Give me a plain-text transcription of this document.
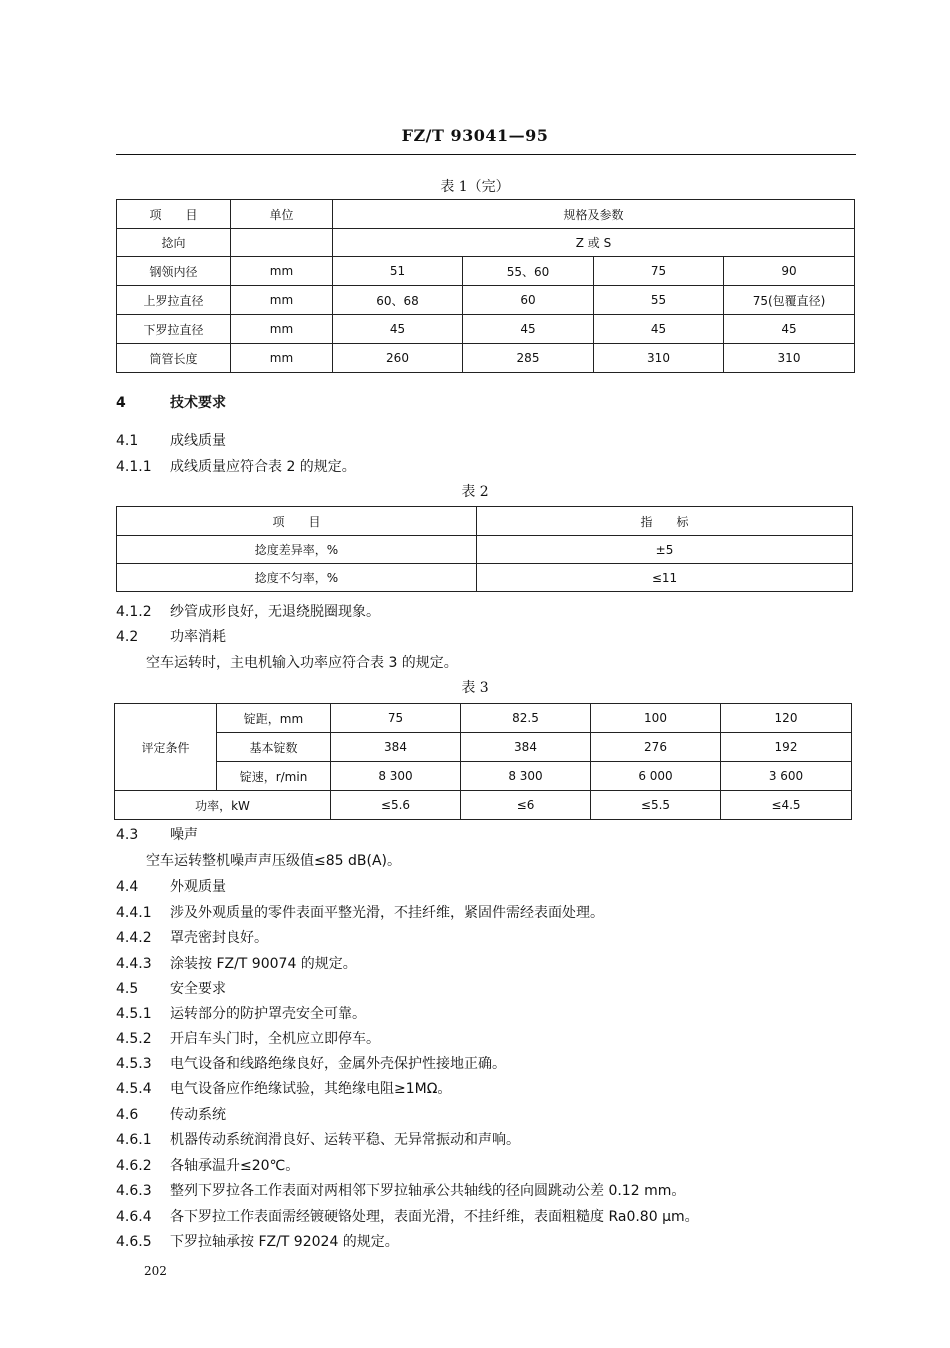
FZ/T 93041—95
表 1（完）
项　　目	单位	规格及参数			
捻向		Z 或 S			
钢领内径	mm	51	55、60	75	90
上罗拉直径	mm	60、68	60	55	75(包覆直径)
下罗拉直径	mm	45	45	45	45
筒管长度	mm	260	285	310	310
4	技术要求
4.1 成线质量
4.1.1 成线质量应符合表 2 的规定。
表 2
项　　目	指　　标
捻度差异率，%	±5
捻度不匀率，%	≤11
4.1.2 纱管成形良好，无退绕脱圈现象。
4.2 功率消耗
空车运转时，主电机输入功率应符合表 3 的规定。
表 3
评定条件	锭距，mm	75	82.5	100	120
	基本锭数	384	384	276	192
	锭速，r/min	8 300	8 300	6 000	3 600
功率，kW		≤5.6	≤6	≤5.5	≤4.5
4.3 噪声
空车运转整机噪声声压级值≤85 dB(A)。
4.4 外观质量
4.4.1 涉及外观质量的零件表面平整光滑，不挂纤维，紧固件需经表面处理。
4.4.2 罩壳密封良好。
4.4.3 涂装按 FZ/T 90074 的规定。
4.5 安全要求
4.5.1 运转部分的防护罩壳安全可靠。
4.5.2 开启车头门时，全机应立即停车。
4.5.3 电气设备和线路绝缘良好，金属外壳保护性接地正确。
4.5.4 电气设备应作绝缘试验，其绝缘电阻≥1MΩ。
4.6 传动系统
4.6.1 机器传动系统润滑良好、运转平稳、无异常振动和声响。
4.6.2 各轴承温升≤20℃。
4.6.3 整列下罗拉各工作表面对两相邻下罗拉轴承公共轴线的径向圆跳动公差 0.12 mm。
4.6.4 各下罗拉工作表面需经镀硬铬处理，表面光滑，不挂纤维，表面粗糙度 Ra0.80 μm。
4.6.5 下罗拉轴承按 FZ/T 92024 的规定。
202
